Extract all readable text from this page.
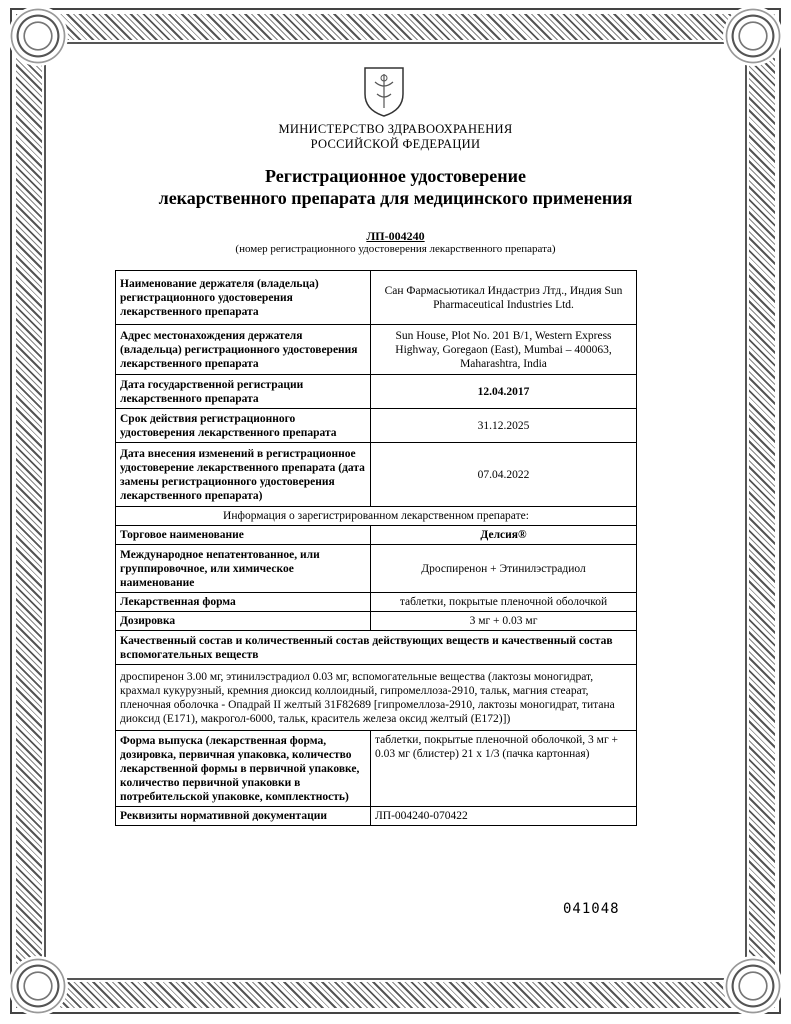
МИНИСТЕРСТВО ЗДРАВООХРАНЕНИЯ
РОССИЙСКОЙ ФЕДЕРАЦИИ
Регистрационное удостоверение
лекарственного препарата для медицинского применения
ЛП-004240
(номер регистрационного удостоверения лекарственного препарата)
Наименование держателя (владельца) регистрационного удостоверения лекарственного препарата	Сан Фармасьютикал Индастриз Лтд., Индия Sun Pharmaceutical Industries Ltd.
Адрес местонахождения держателя (владельца) регистрационного удостоверения лекарственного препарата	Sun House, Plot No. 201 B/1, Western Express Highway, Goregaon (East), Mumbai – 400063, Maharashtra, India
Дата государственной регистрации лекарственного препарата	12.04.2017
Срок действия регистрационного удостоверения лекарственного препарата	31.12.2025
Дата внесения изменений в регистрационное удостоверение лекарственного препарата (дата замены регистрационного удостоверения лекарственного препарата)	07.04.2022
Информация о зарегистрированном лекарственном препарате:	
Торговое наименование	Делсия®
Международное непатентованное, или группировочное, или химическое наименование	Дроспиренон + Этинилэстрадиол
Лекарственная форма	таблетки, покрытые пленочной оболочкой
Дозировка	3 мг + 0.03 мг
Качественный состав и количественный состав действующих веществ и качественный состав вспомогательных веществ	
дроспиренон 3.00 мг, этинилэстрадиол 0.03 мг, вспомогательные вещества (лактозы моногидрат, крахмал кукурузный, кремния диоксид коллоидный, гипромеллоза-2910, тальк, магния стеарат, пленочная оболочка - Опадрай II желтый 31F82689 [гипромеллоза-2910, лактозы моногидрат, титана диоксид (Е171), макрогол-6000, тальк, краситель железа оксид желтый (Е172)])	
Форма выпуска (лекарственная форма, дозировка, первичная упаковка, количество лекарственной формы в первичной упаковке, количество первичной упаковки в потребительской упаковке, комплектность)	таблетки, покрытые пленочной оболочкой, 3 мг + 0.03 мг (блистер) 21 х 1/3 (пачка картонная)
Реквизиты нормативной документации	ЛП-004240-070422
041048
